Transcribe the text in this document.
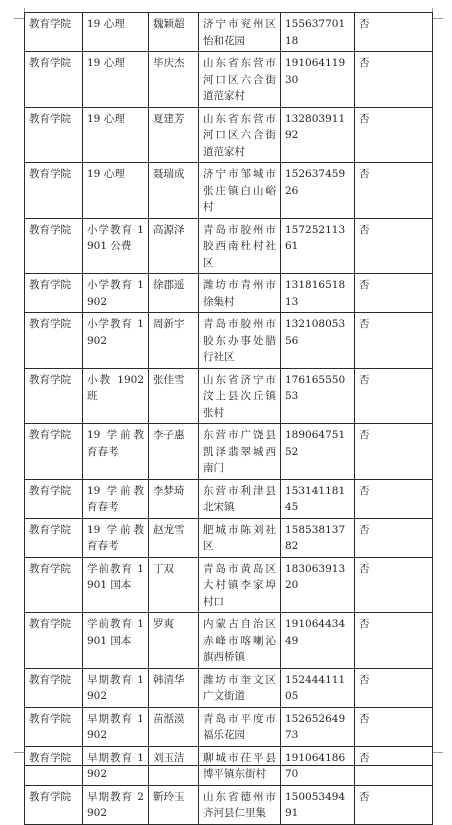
教育学院	19 心理	魏颖超	济宁市兖州区怡和花园	15563770118	否
教育学院	19 心理	毕庆杰	山东省东营市河口区六合街道范家村	19106411930	否
教育学院	19 心理	夏建芳	山东省东营市河口区六合街道范家村	13280391192	否
教育学院	19 心理	聂瑞成	济宁市邹城市张庄镇白山峪村	15263745926	否
教育学院	小学教育 1901 公费	高源泽	青岛市胶州市胶西南杜村社区	15725211361	否
教育学院	小学教育 1902	徐郡遥	潍坊市青州市徐集村	13181651813	否
教育学院	小学教育 1902	周新宇	青岛市胶州市胶东办事处腊行社区	13210805356	否
教育学院	小教 1902 班	张佳雪	山东省济宁市汶上县次丘镇张村	17616555053	否
教育学院	19 学前教育春考	李子惠	东营市广饶县凯泽翡翠城西南门	18906475152	否
教育学院	19 学前教育春考	李梦琦	东营市利津县北宋镇	15314118145	否
教育学院	19 学前教育春考	赵龙雪	肥城市陈刘社区	15853813782	否
教育学院	学前教育 1901 国本	丁双	青岛市黄岛区大村镇李家埠村口	18306391320	否
教育学院	学前教育 1901 国本	罗爽	内蒙古自治区赤峰市喀喇沁旗西桥镇	19106443449	否
教育学院	早期教育 1902	韩清华	潍坊市奎文区广文街道	15244411105	否
教育学院	早期教育 1902	苗湉漠	青岛市平度市福乐花园	15265264973	否
教育学院	早期教育 1902	刘玉洁	聊城市茌平县博平镇东街村	19106418670	否
教育学院	早期教育 2902	靳玲玉	山东省德州市齐河县仁里集	15005349491	否
